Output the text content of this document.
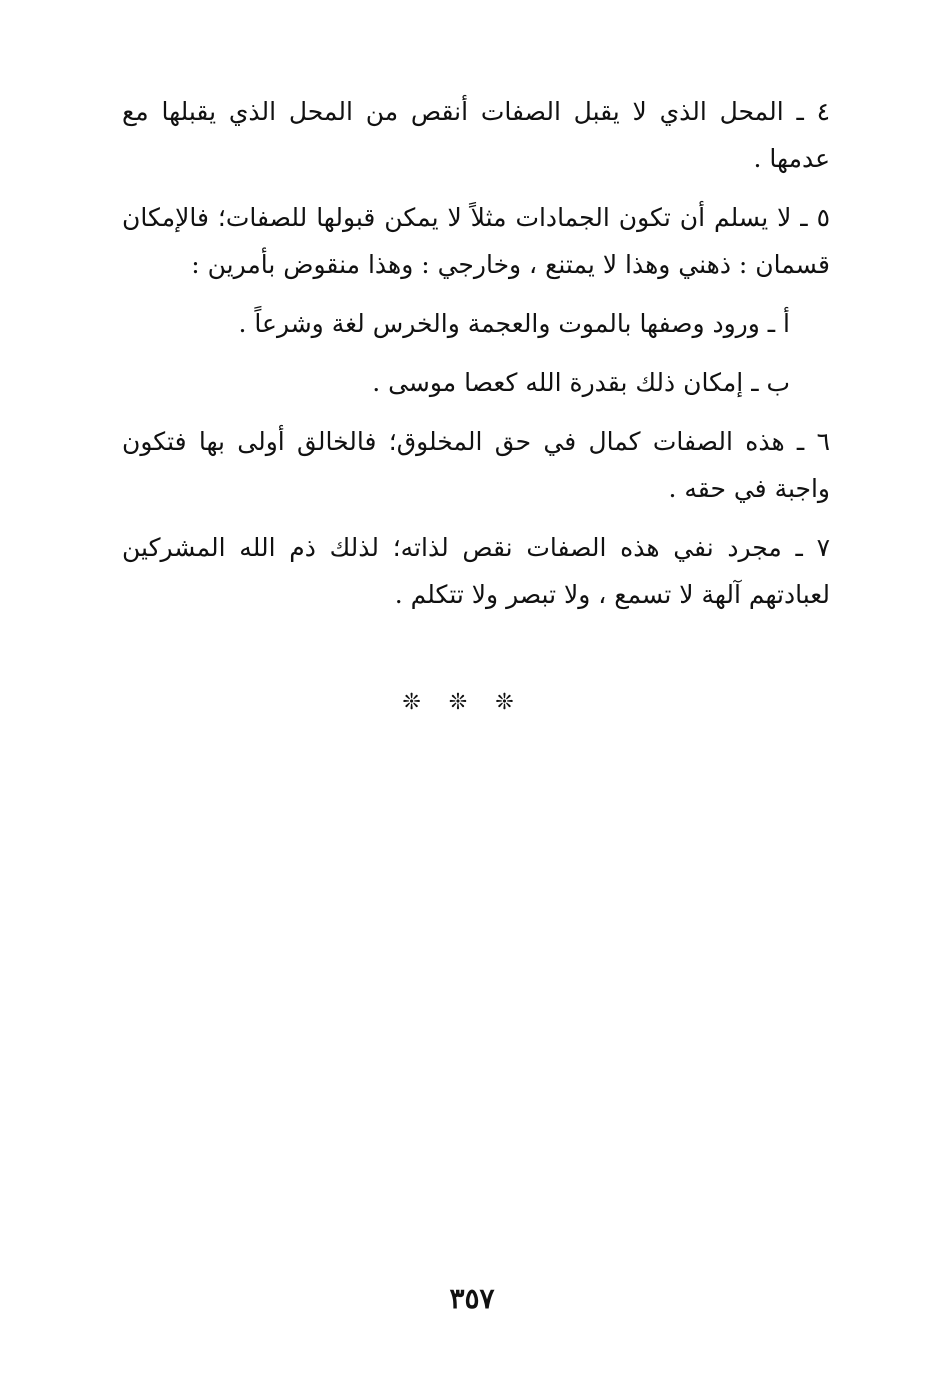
٤ ـ المحل الذي لا يقبل الصفات أنقص من المحل الذي يقبلها مع عدمها .

٥ ـ لا يسلم أن تكون الجمادات مثلاً لا يمكن قبولها للصفات؛ فالإمكان قسمان : ذهني وهذا لا يمتنع ، وخارجي : وهذا منقوض بأمرين :

أ ـ ورود وصفها بالموت والعجمة والخرس لغة وشرعاً .

ب ـ إمكان ذلك بقدرة الله كعصا موسى .

٦ ـ هذه الصفات كمال في حق المخلوق؛ فالخالق أولى بها فتكون واجبة في حقه .

٧ ـ مجرد نفي هذه الصفات نقص لذاته؛ لذلك ذم الله المشركين لعبادتهم آلهة لا تسمع ، ولا تبصر ولا تتكلم .

❊❊❊
٣٥٧
